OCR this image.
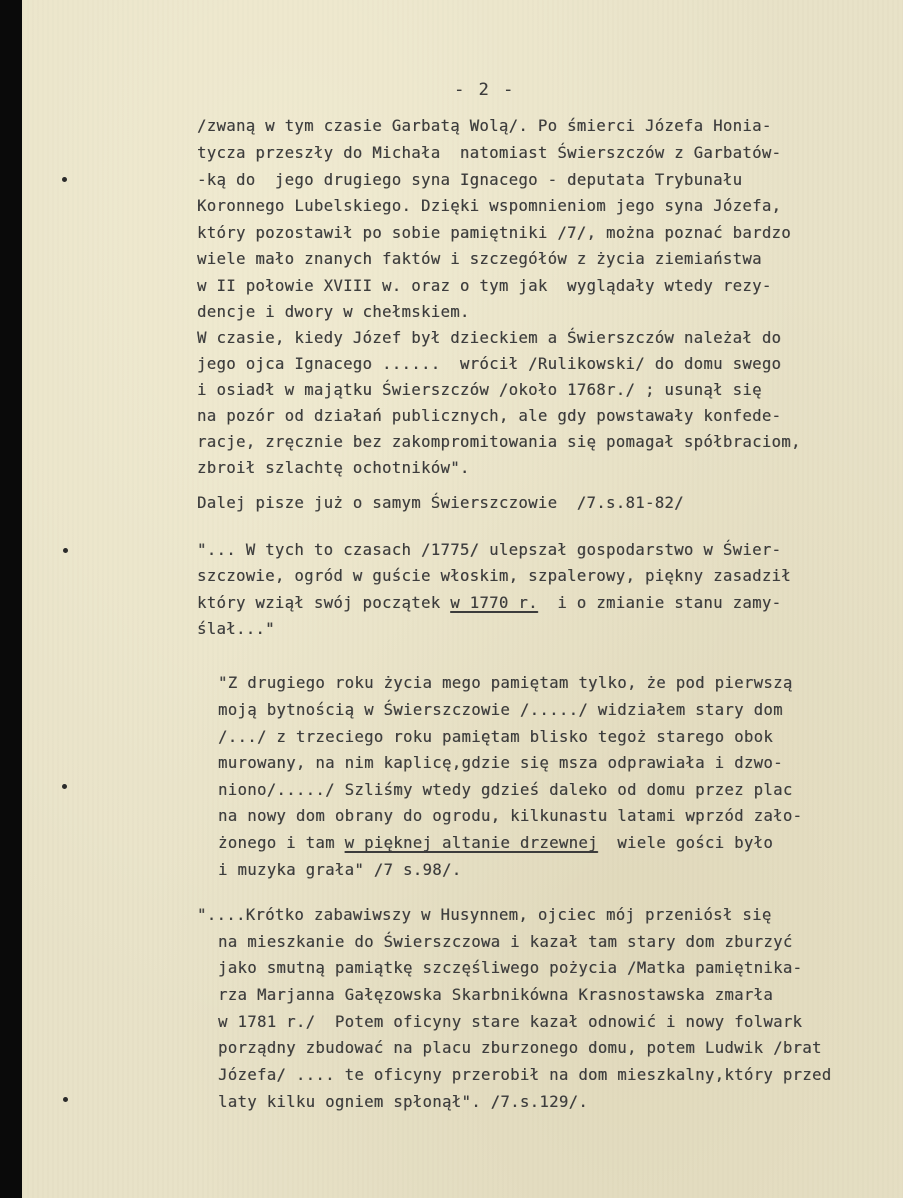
- 2 -

/zwaną w tym czasie Garbatą Wolą/. Po śmierci Józefa Honia-

tycza przeszły do Michała  natomiast Świerszczów z Garbatów-

-ką do  jego drugiego syna Ignacego - deputata Trybunału

Koronnego Lubelskiego. Dzięki wspomnieniom jego syna Józefa,

który pozostawił po sobie pamiętniki /7/, można poznać bardzo

wiele mało znanych faktów i szczegółów z życia ziemiaństwa

w II połowie XVIII w. oraz o tym jak  wyglądały wtedy rezy-

dencje i dwory w chełmskiem.

W czasie, kiedy Józef był dzieckiem a Świerszczów należał do

jego ojca Ignacego ......  wrócił /Rulikowski/ do domu swego

i osiadł w majątku Świerszczów /około 1768r./ ; usunął się

na pozór od działań publicznych, ale gdy powstawały konfede-

racje, zręcznie bez zakompromitowania się pomagał spółbraciom,

zbroił szlachtę ochotników".

Dalej pisze już o samym Świerszczowie  /7.s.81-82/

"... W tych to czasach /1775/ ulepszał gospodarstwo w Świer-

szczowie, ogród w guście włoskim, szpalerowy, piękny zasadził

który wziął swój początek w 1770 r.  i o zmianie stanu zamy-

ślał..."

"Z drugiego roku życia mego pamiętam tylko, że pod pierwszą

moją bytnością w Świerszczowie /...../ widziałem stary dom

/.../ z trzeciego roku pamiętam blisko tegoż starego obok

murowany, na nim kaplicę,gdzie się msza odprawiała i dzwo-

niono/...../ Szliśmy wtedy gdzieś daleko od domu przez plac

na nowy dom obrany do ogrodu, kilkunastu latami wprzód zało-

żonego i tam w pięknej altanie drzewnej  wiele gości było

i muzyka grała" /7 s.98/.

"....Krótko zabawiwszy w Husynnem, ojciec mój przeniósł się

na mieszkanie do Świerszczowa i kazał tam stary dom zburzyć

jako smutną pamiątkę szczęśliwego pożycia /Matka pamiętnika-

rza Marjanna Gałęzowska Skarbnikówna Krasnostawska zmarła

w 1781 r./  Potem oficyny stare kazał odnowić i nowy folwark

porządny zbudować na placu zburzonego domu, potem Ludwik /brat

Józefa/ .... te oficyny przerobił na dom mieszkalny,który przed

laty kilku ogniem spłonął". /7.s.129/.
